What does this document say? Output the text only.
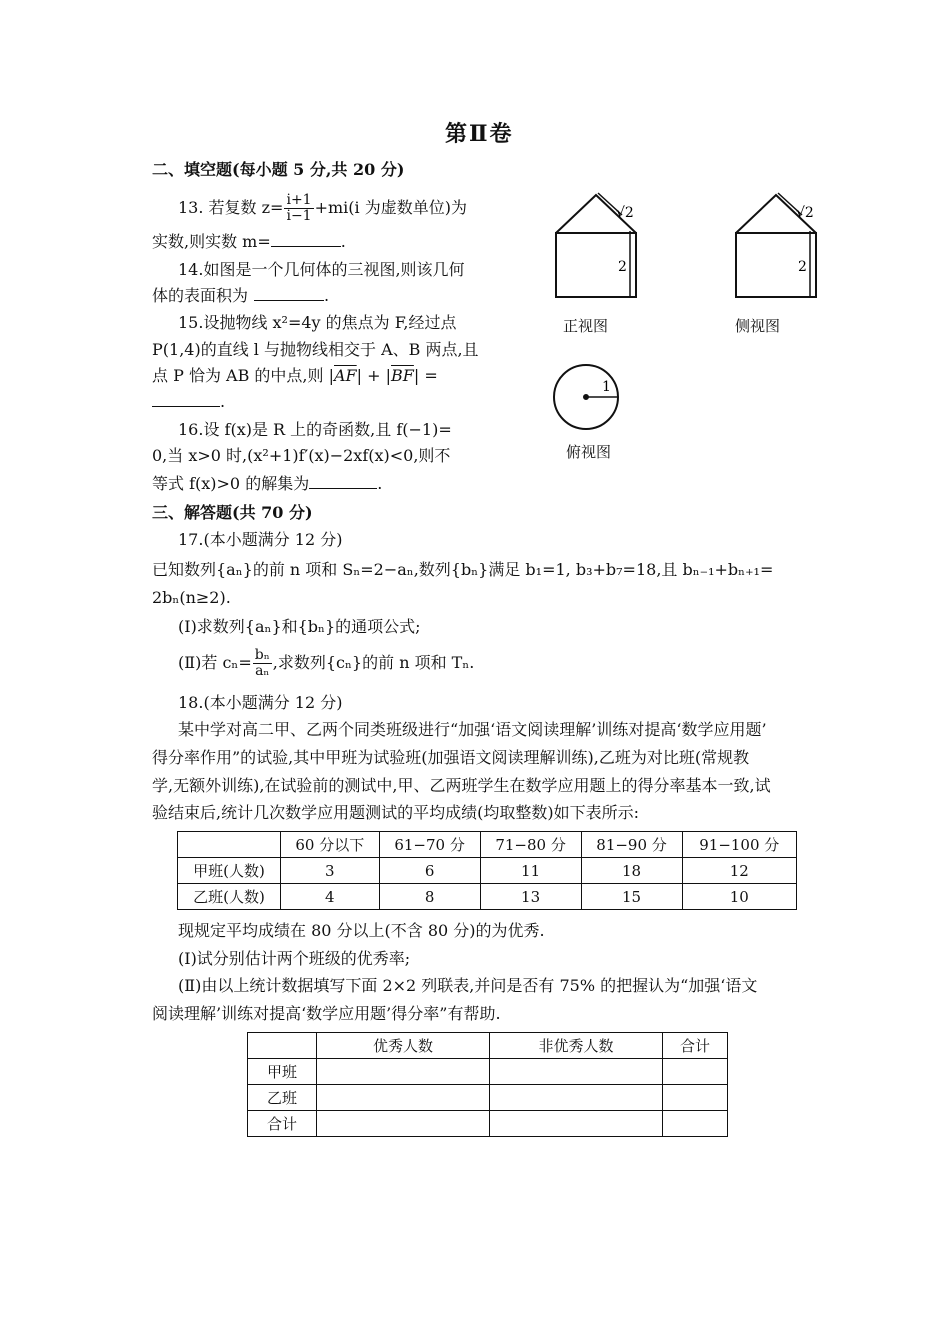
第Ⅱ卷
二、填空题(每小题 5 分,共 20 分)
13. 若复数 $z= \frac{i+1}{i-1} +mi(i$ 为虚数单位)为
实数,则实数 m=	.
14.如图是一个几何体的三视图,则该几何
体的表面积为	.
15.设抛物线 x²=4y 的焦点为 F,经过点
P(1,4)的直线 l 与抛物线相交于 A、B 两点,且
点 P 恰为 AB 的中点,则 $|\overline{AF}| + |\overline{BF}|$ =
.
16.设 f(x)是 R 上的奇函数,且 f(−1)=
0,当 x>0 时,(x²+1)f′(x)−2xf(x)<0,则不
等式 f(x)>0 的解集为	.
√2
2
√2
2
1
正视图	侧视图
俯视图
三、解答题(共 70 分)
17.(本小题满分 12 分)
已知数列{aₙ}的前 n 项和 Sₙ=2−aₙ,数列{bₙ}满足 b₁=1, b₃+b₇=18,且 bₙ₋₁+bₙ₊₁=
2bₙ(n≥2).
(Ⅰ)求数列{aₙ}和{bₙ}的通项公式;
(Ⅱ)若 $c_n= \frac{\text{bₙ}}{\text{aₙ}}$ ,求数列{cₙ}的前 n 项和 Tₙ.
18.(本小题满分 12 分)
某中学对高二甲、乙两个同类班级进行“加强‘语文阅读理解’训练对提高‘数学应用题’
得分率作用”的试验,其中甲班为试验班(加强语文阅读理解训练),乙班为对比班(常规教
学,无额外训练),在试验前的测试中,甲、乙两班学生在数学应用题上的得分率基本一致,试
验结束后,统计几次数学应用题测试的平均成绩(均取整数)如下表所示:
	60 分以下	61−70 分	71−80 分	81−90 分	91−100 分
甲班(人数)	3	6	11	18	12
乙班(人数)	4	8	13	15	10
现规定平均成绩在 80 分以上(不含 80 分)的为优秀.
(Ⅰ)试分别估计两个班级的优秀率;
(Ⅱ)由以上统计数据填写下面 2×2 列联表,并问是否有 75% 的把握认为“加强‘语文
阅读理解’训练对提高‘数学应用题’得分率”有帮助.
	优秀人数	非优秀人数	合计
甲班			
乙班			
合计			
